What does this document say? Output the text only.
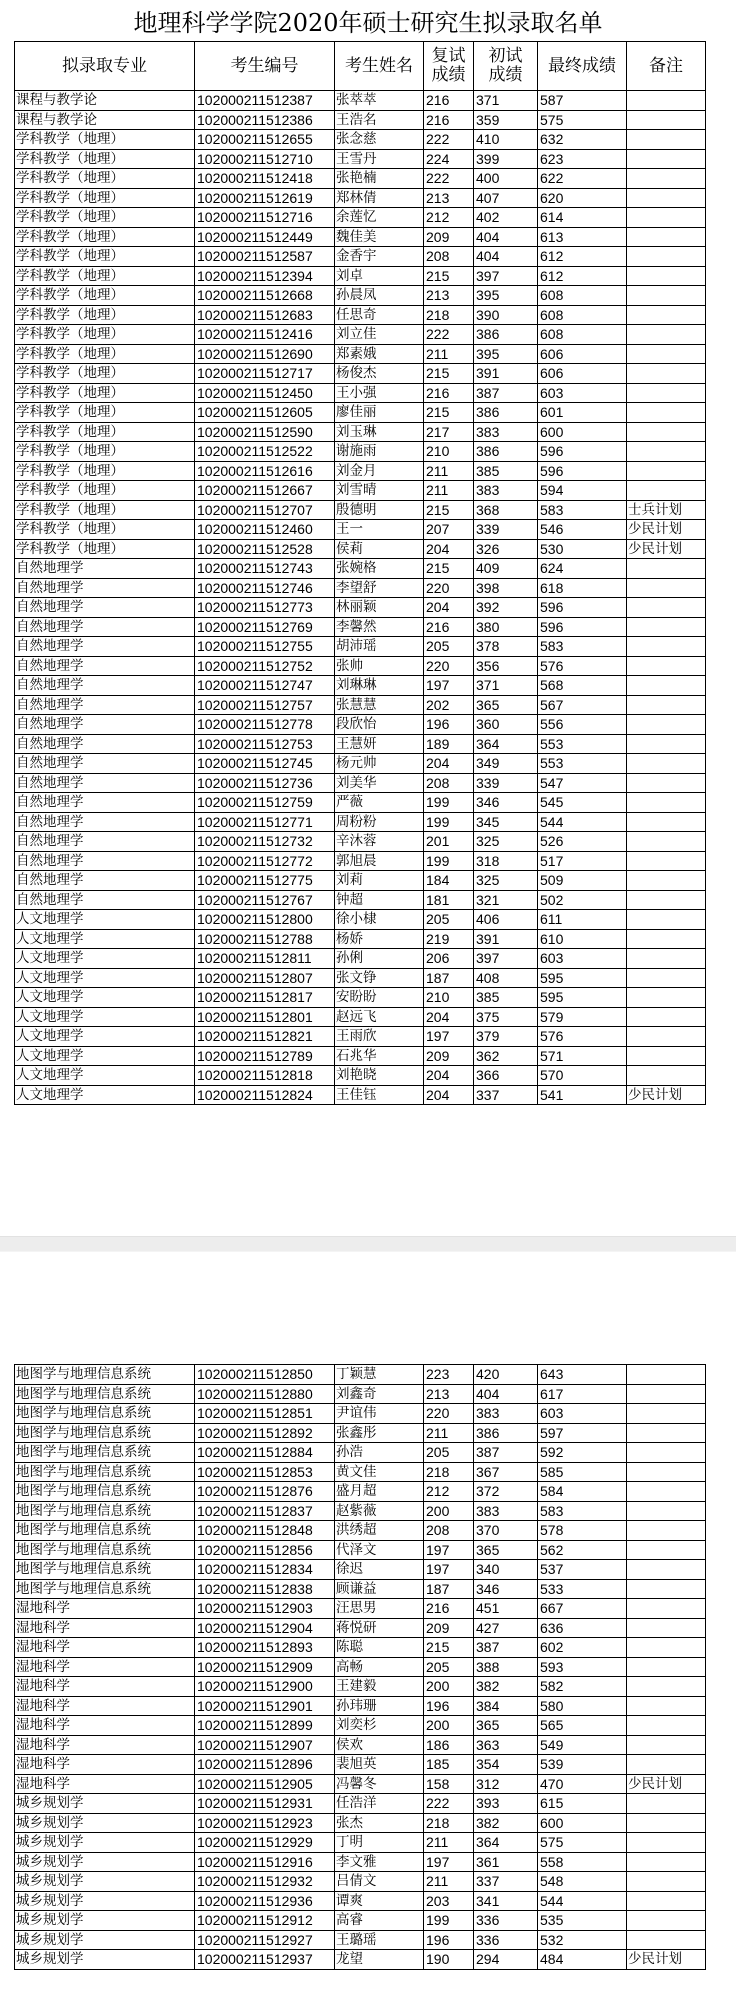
地理科学学院2020年硕士研究生拟录取名单
拟录取专业	考生编号	考生姓名	复试成绩	初试成绩	最终成绩	备注
课程与教学论	102000211512387	张萃萃	216	371	587	
课程与教学论	102000211512386	王浩名	216	359	575	
学科教学（地理）	102000211512655	张念慈	222	410	632	
学科教学（地理）	102000211512710	王雪丹	224	399	623	
学科教学（地理）	102000211512418	张艳楠	222	400	622	
学科教学（地理）	102000211512619	郑林倩	213	407	620	
学科教学（地理）	102000211512716	余莲忆	212	402	614	
学科教学（地理）	102000211512449	魏佳美	209	404	613	
学科教学（地理）	102000211512587	金香宇	208	404	612	
学科教学（地理）	102000211512394	刘卓	215	397	612	
学科教学（地理）	102000211512668	孙晨凤	213	395	608	
学科教学（地理）	102000211512683	任思奇	218	390	608	
学科教学（地理）	102000211512416	刘立佳	222	386	608	
学科教学（地理）	102000211512690	郑素娥	211	395	606	
学科教学（地理）	102000211512717	杨俊杰	215	391	606	
学科教学（地理）	102000211512450	王小强	216	387	603	
学科教学（地理）	102000211512605	廖佳丽	215	386	601	
学科教学（地理）	102000211512590	刘玉琳	217	383	600	
学科教学（地理）	102000211512522	谢施雨	210	386	596	
学科教学（地理）	102000211512616	刘金月	211	385	596	
学科教学（地理）	102000211512667	刘雪晴	211	383	594	
学科教学（地理）	102000211512707	殷德明	215	368	583	士兵计划
学科教学（地理）	102000211512460	王一	207	339	546	少民计划
学科教学（地理）	102000211512528	侯莉	204	326	530	少民计划
自然地理学	102000211512743	张婉格	215	409	624	
自然地理学	102000211512746	李望舒	220	398	618	
自然地理学	102000211512773	林丽颖	204	392	596	
自然地理学	102000211512769	李馨然	216	380	596	
自然地理学	102000211512755	胡沛瑶	205	378	583	
自然地理学	102000211512752	张帅	220	356	576	
自然地理学	102000211512747	刘琳琳	197	371	568	
自然地理学	102000211512757	张慧慧	202	365	567	
自然地理学	102000211512778	段欣怡	196	360	556	
自然地理学	102000211512753	王慧妍	189	364	553	
自然地理学	102000211512745	杨元帅	204	349	553	
自然地理学	102000211512736	刘美华	208	339	547	
自然地理学	102000211512759	严薇	199	346	545	
自然地理学	102000211512771	周粉粉	199	345	544	
自然地理学	102000211512732	辛沐蓉	201	325	526	
自然地理学	102000211512772	郭旭晨	199	318	517	
自然地理学	102000211512775	刘莉	184	325	509	
自然地理学	102000211512767	钟超	181	321	502	
人文地理学	102000211512800	徐小棣	205	406	611	
人文地理学	102000211512788	杨娇	219	391	610	
人文地理学	102000211512811	孙俐	206	397	603	
人文地理学	102000211512807	张文铮	187	408	595	
人文地理学	102000211512817	安盼盼	210	385	595	
人文地理学	102000211512801	赵远飞	204	375	579	
人文地理学	102000211512821	王雨欣	197	379	576	
人文地理学	102000211512789	石兆华	209	362	571	
人文地理学	102000211512818	刘艳晓	204	366	570	
人文地理学	102000211512824	王佳钰	204	337	541	少民计划
地图学与地理信息系统	102000211512850	丁颖慧	223	420	643	
地图学与地理信息系统	102000211512880	刘鑫奇	213	404	617	
地图学与地理信息系统	102000211512851	尹谊伟	220	383	603	
地图学与地理信息系统	102000211512892	张鑫彤	211	386	597	
地图学与地理信息系统	102000211512884	孙浩	205	387	592	
地图学与地理信息系统	102000211512853	黄文佳	218	367	585	
地图学与地理信息系统	102000211512876	盛月超	212	372	584	
地图学与地理信息系统	102000211512837	赵紫薇	200	383	583	
地图学与地理信息系统	102000211512848	洪绣超	208	370	578	
地图学与地理信息系统	102000211512856	代泽文	197	365	562	
地图学与地理信息系统	102000211512834	徐迟	197	340	537	
地图学与地理信息系统	102000211512838	顾谦益	187	346	533	
湿地科学	102000211512903	汪思男	216	451	667	
湿地科学	102000211512904	蒋悦研	209	427	636	
湿地科学	102000211512893	陈聪	215	387	602	
湿地科学	102000211512909	高畅	205	388	593	
湿地科学	102000211512900	王建毅	200	382	582	
湿地科学	102000211512901	孙玮珊	196	384	580	
湿地科学	102000211512899	刘奕杉	200	365	565	
湿地科学	102000211512907	侯欢	186	363	549	
湿地科学	102000211512896	裴旭英	185	354	539	
湿地科学	102000211512905	冯馨冬	158	312	470	少民计划
城乡规划学	102000211512931	任浩洋	222	393	615	
城乡规划学	102000211512923	张杰	218	382	600	
城乡规划学	102000211512929	丁明	211	364	575	
城乡规划学	102000211512916	李文雅	197	361	558	
城乡规划学	102000211512932	吕倩文	211	337	548	
城乡规划学	102000211512936	谭爽	203	341	544	
城乡规划学	102000211512912	高睿	199	336	535	
城乡规划学	102000211512927	王璐瑶	196	336	532	
城乡规划学	102000211512937	龙望	190	294	484	少民计划
